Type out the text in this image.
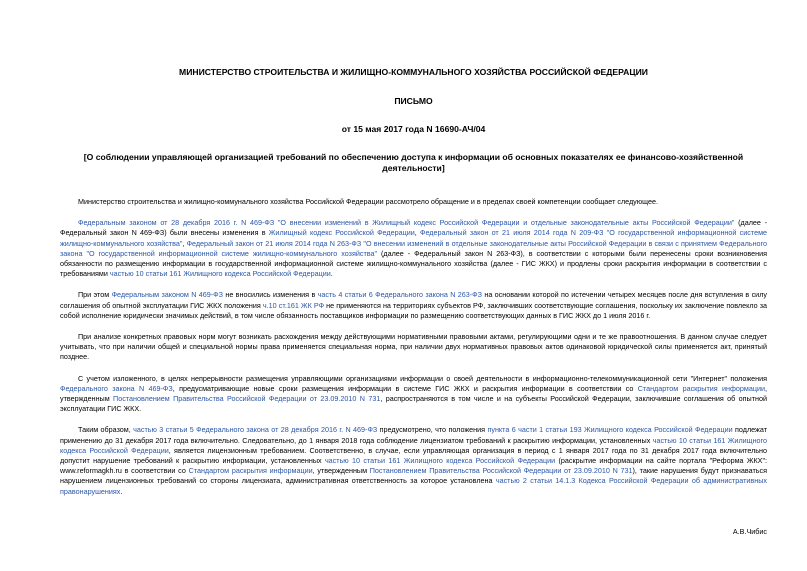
МИНИСТЕРСТВО СТРОИТЕЛЬСТВА И ЖИЛИЩНО-КОММУНАЛЬНОГО ХОЗЯЙСТВА РОССИЙСКОЙ ФЕДЕРАЦИИ
ПИСЬМО
от 15 мая 2017 года N 16690-АЧ/04
[О соблюдении управляющей организацией требований по обеспечению доступа к информации об основных показателях ее финансово-хозяйственной деятельности]
Министерство строительства и жилищно-коммунального хозяйства Российской Федерации рассмотрело обращение и в пределах своей компетенции сообщает следующее.
Федеральным законом от 28 декабря 2016 г. N 469-ФЗ "О внесении изменений в Жилищный кодекс Российской Федерации и отдельные законодательные акты Российской Федерации" (далее - Федеральный закон N 469-ФЗ) были внесены изменения в Жилищный кодекс Российской Федерации, Федеральный закон от 21 июля 2014 года N 209-ФЗ "О государственной информационной системе жилищно-коммунального хозяйства", Федеральный закон от 21 июля 2014 года N 263-ФЗ "О внесении изменений в отдельные законодательные акты Российской Федерации в связи с принятием Федерального закона "О государственной информационной системе жилищно-коммунального хозяйства" (далее - Федеральный закон N 263-ФЗ), в соответствии с которыми были перенесены сроки возникновения обязанности по размещению информации в государственной информационной системе жилищно-коммунального хозяйства (далее - ГИС ЖКХ) и продлены сроки раскрытия информации в соответствии с требованиями частью 10 статьи 161 Жилищного кодекса Российской Федерации.
При этом Федеральным законом N 469-ФЗ не вносились изменения в часть 4 статьи 6 Федерального закона N 263-ФЗ на основании которой по истечении четырех месяцев после дня вступления в силу соглашения об опытной эксплуатации ГИС ЖКХ положения ч.10 ст.161 ЖК РФ не применяются на территориях субъектов РФ, заключивших соответствующие соглашения, поскольку их заключение повлекло за собой исполнение юридически значимых действий, в том числе обязанность поставщиков информации по размещению соответствующих данных в ГИС ЖКХ до 1 июля 2016 г.
При анализе конкретных правовых норм могут возникать расхождения между действующими нормативными правовыми актами, регулирующими одни и те же правоотношения. В данном случае следует учитывать, что при наличии общей и специальной нормы права применяется специальная норма, при наличии двух нормативных правовых актов одинаковой юридической силы применяется акт, принятый позднее.
С учетом изложенного, в целях непрерывности размещения управляющими организациями информации о своей деятельности в информационно-телекоммуникационной сети "Интернет" положения Федерального закона N 469-ФЗ, предусматривающие новые сроки размещения информации в системе ГИС ЖКХ и раскрытия информации в соответствии со Стандартом раскрытия информации, утвержденным Постановлением Правительства Российской Федерации от 23.09.2010 N 731, распространяются в том числе и на субъекты Российской Федерации, заключившие соглашения об опытной эксплуатации ГИС ЖКХ.
Таким образом, частью 3 статьи 5 Федерального закона от 28 декабря 2016 г. N 469-ФЗ предусмотрено, что положения пункта 6 части 1 статьи 193 Жилищного кодекса Российской Федерации подлежат применению до 31 декабря 2017 года включительно. Следовательно, до 1 января 2018 года соблюдение лицензиатом требований к раскрытию информации, установленных частью 10 статьи 161 Жилищного кодекса Российской Федерации, является лицензионным требованием. Соответственно, в случае, если управляющая организация в период с 1 января 2017 года по 31 декабря 2017 года включительно допустит нарушение требований к раскрытию информации, установленных частью 10 статьи 161 Жилищного кодекса Российской Федерации (раскрытие информации на сайте портала "Реформа ЖКХ": www.reformagkh.ru в соответствии со Стандартом раскрытия информации, утвержденным Постановлением Правительства Российской Федерации от 23.09.2010 N 731), такие нарушения будут признаваться нарушением лицензионных требований со стороны лицензиата, административная ответственность за которое установлена частью 2 статьи 14.1.3 Кодекса Российской Федерации об административных правонарушениях.
А.В.Чибис
